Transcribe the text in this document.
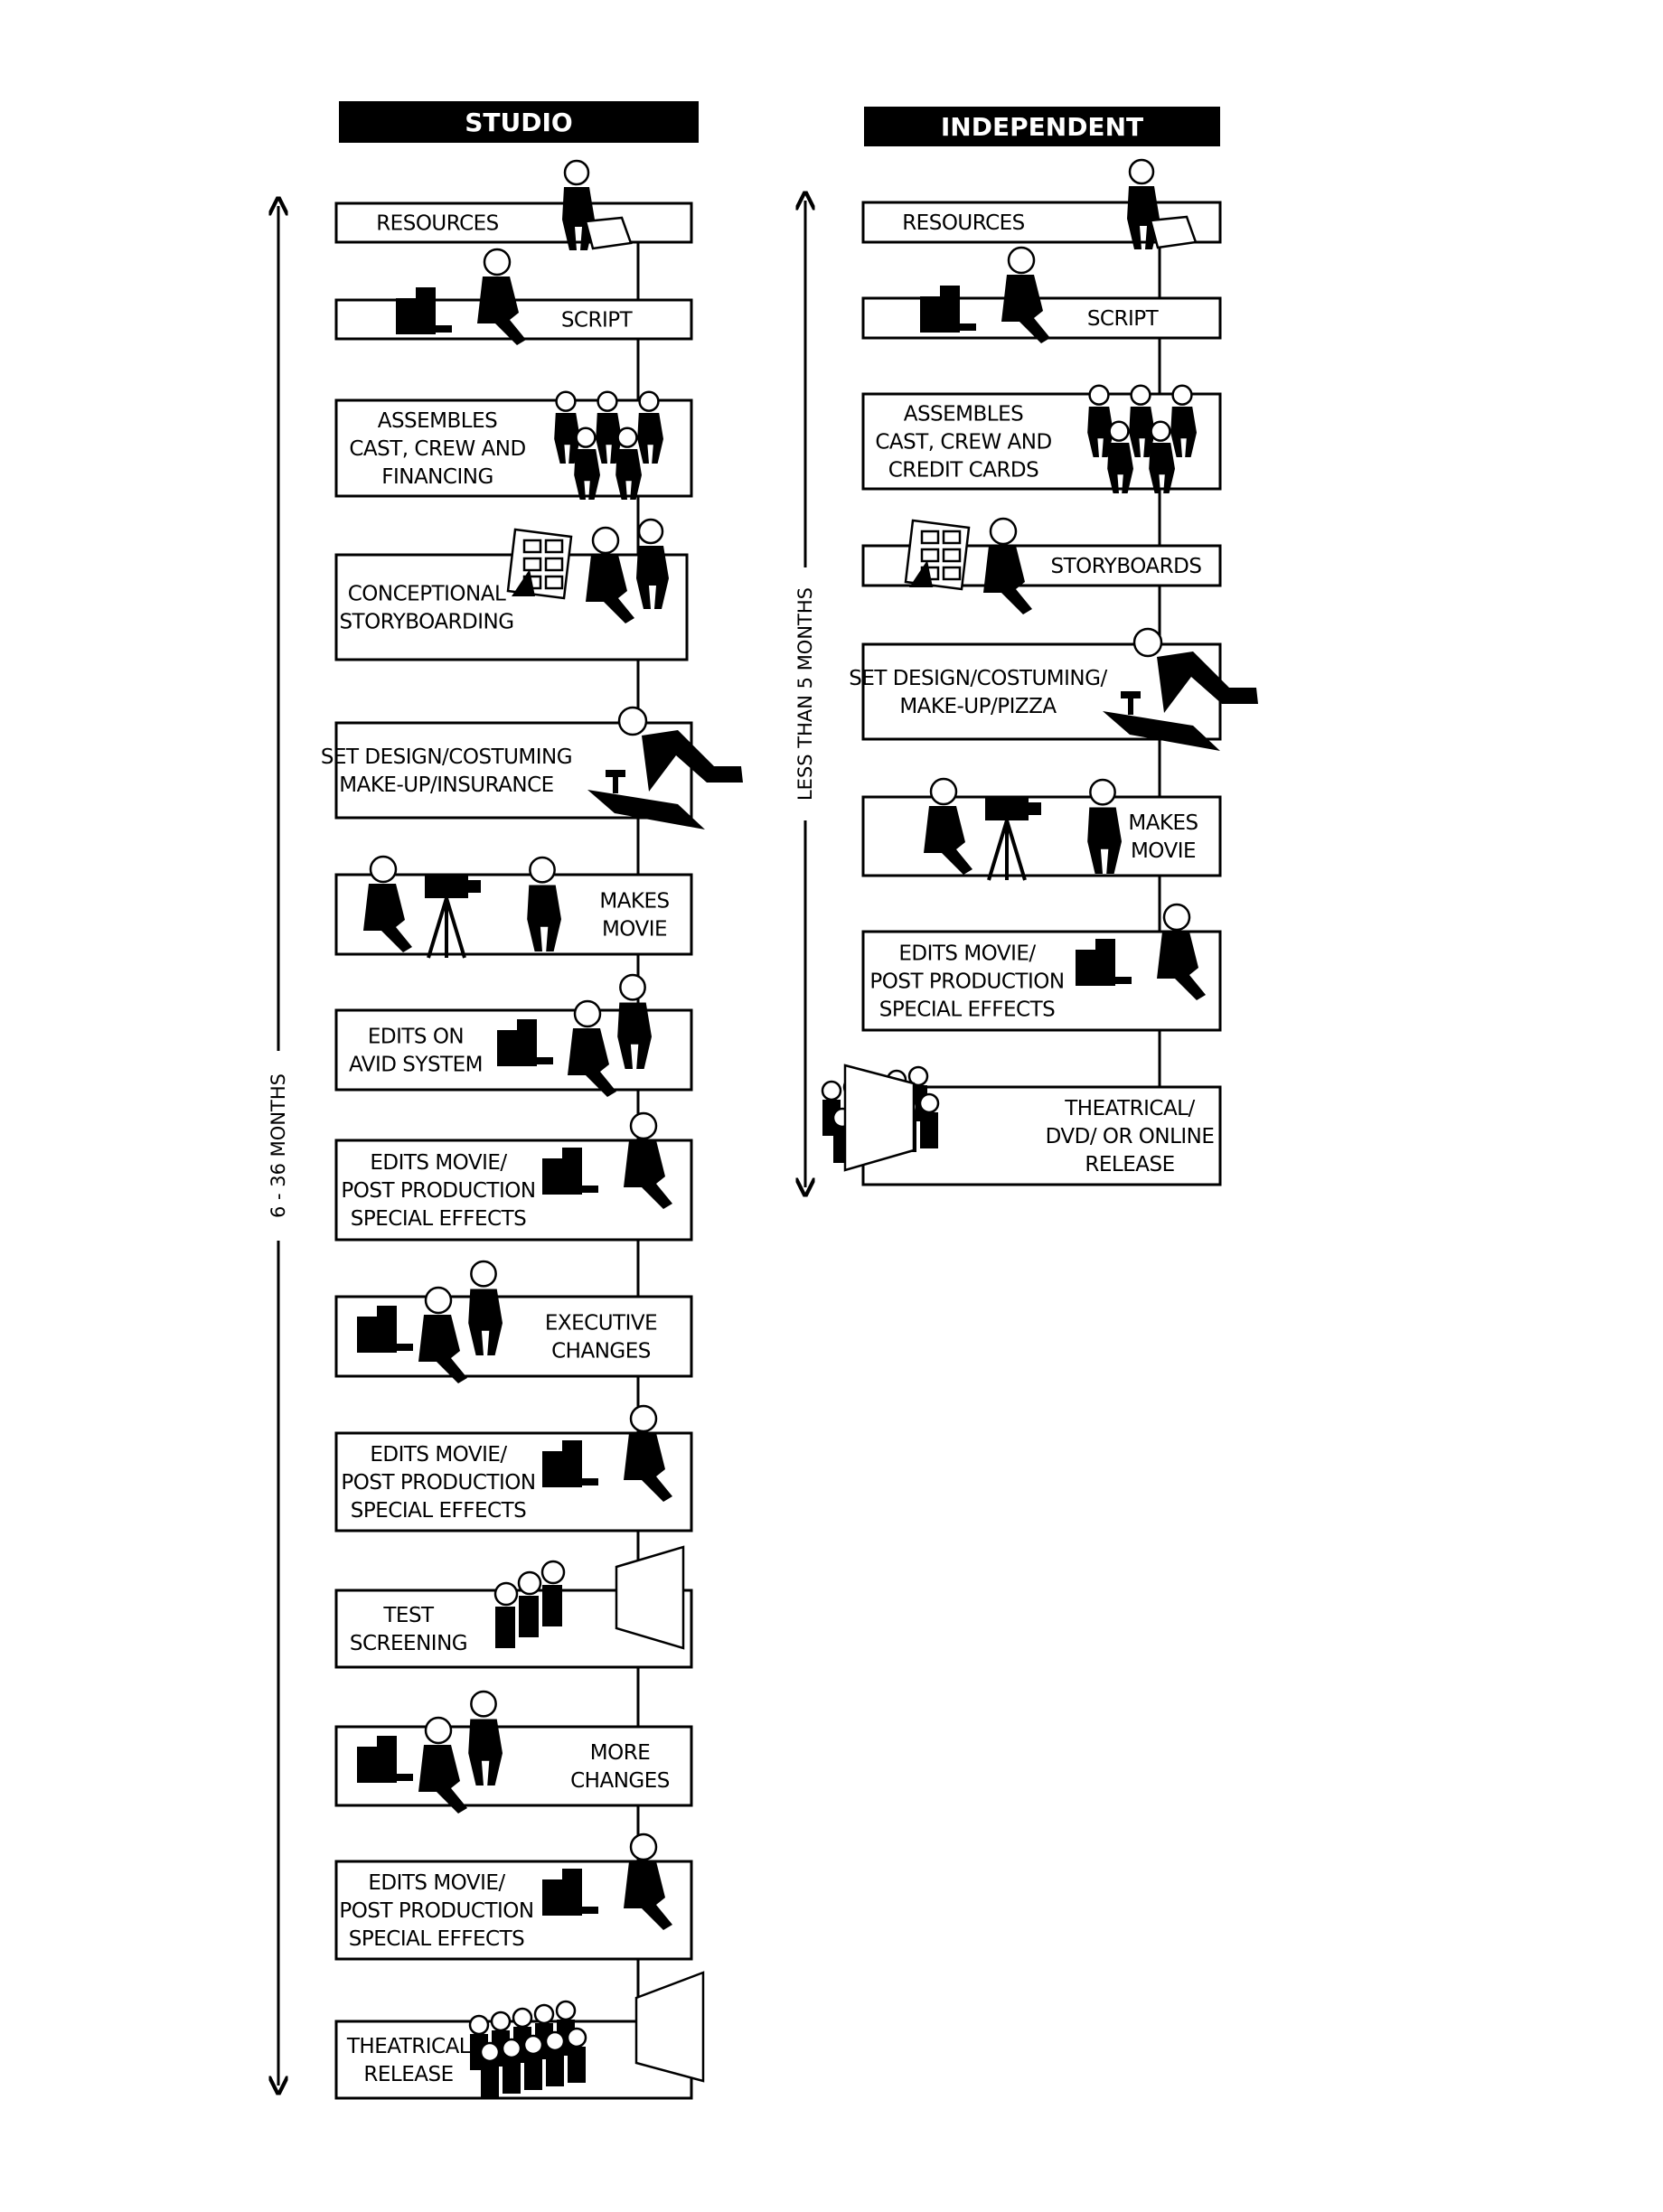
STUDIO
6 - 36 MONTHS
RESOURCES
SCRIPT
ASSEMBLES
CAST, CREW AND
FINANCING
CONCEPTIONAL
STORYBOARDING
SET DESIGN/COSTUMING
MAKE-UP/INSURANCE
MAKES
MOVIE
EDITS ON
AVID SYSTEM
EDITS MOVIE/
POST PRODUCTION
SPECIAL EFFECTS
EXECUTIVE
CHANGES
EDITS MOVIE/
POST PRODUCTION
SPECIAL EFFECTS
TEST
SCREENING
MORE
CHANGES
EDITS MOVIE/
POST PRODUCTION
SPECIAL EFFECTS
THEATRICAL
RELEASE
INDEPENDENT
LESS THAN 5 MONTHS
RESOURCES
SCRIPT
ASSEMBLES
CAST, CREW AND
CREDIT CARDS
STORYBOARDS
SET DESIGN/COSTUMING/
MAKE-UP/PIZZA
MAKES
MOVIE
EDITS MOVIE/
POST PRODUCTION
SPECIAL EFFECTS
THEATRICAL/
DVD/ OR ONLINE
RELEASE
